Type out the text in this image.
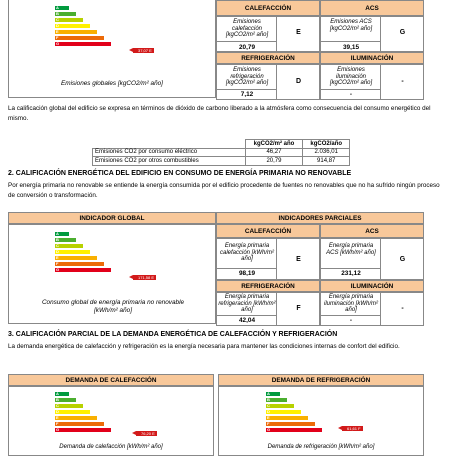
A
B
C
D
E
F
G
37,07 E
Emisiones globales [kgCO2/m² año]
CALEFACCIÓN	ACS
Emisiones calefacción [kgCO2/m² año]
20,79
E
Emisiones ACS [kgCO2/m² año]
39,15
G
REFRIGERACIÓN	ILUMINACIÓN
Emisiones refrigeración [kgCO2/m² año]
7,12
D
Emisiones iluminación [kgCO2/m² año]
-
-
La calificación global del edificio se expresa en términos de dióxido de carbono liberado a la atmósfera como consecuencia del consumo energético del mismo.
	kgCO2/m² año	kgCO2/año
Emisiones CO2 por consumo eléctrico	46,27	2.036,01
Emisiones CO2 por otros combustibles	20,79	914,87
2. CALIFICACIÓN ENERGÉTICA DEL EDIFICIO EN CONSUMO DE ENERGÍA PRIMARIA NO RENOVABLE
Por energía primaria no renovable se entiende la energía consumida por el edificio procedente de fuentes no renovables que no ha sufrido ningún proceso de conversión o transformación.
INDICADOR GLOBAL	INDICADORES PARCIALES
A
B
C
D
E
F
G
171,58 E
Consumo global de energía primaria no renovable [kWh/m² año]
CALEFACCIÓN	ACS
Energía primaria calefacción [kWh/m² año]
98,19
E
Energía primaria ACS [kWh/m² año]
231,12
G
REFRIGERACIÓN	ILUMINACIÓN
Energía primaria refrigeración [kWh/m² año]
42,04
F
Energía primaria iluminación [kWh/m² año]
-
-
3. CALIFICACIÓN PARCIAL DE LA DEMANDA ENERGÉTICA DE CALEFACCIÓN Y REFRIGERACIÓN
La demanda energética de calefacción y refrigeración es la energía necesaria para mantener las condiciones internas de confort del edificio.
DEMANDA DE CALEFACCIÓN	DEMANDA DE REFRIGERACIÓN
A
B
C
D
E
F
G
76,20 E
Demanda de calefacción [kWh/m² año]
A
B
C
D
E
F
G	61,61 F
Demanda de refrigeración [kWh/m² año]
